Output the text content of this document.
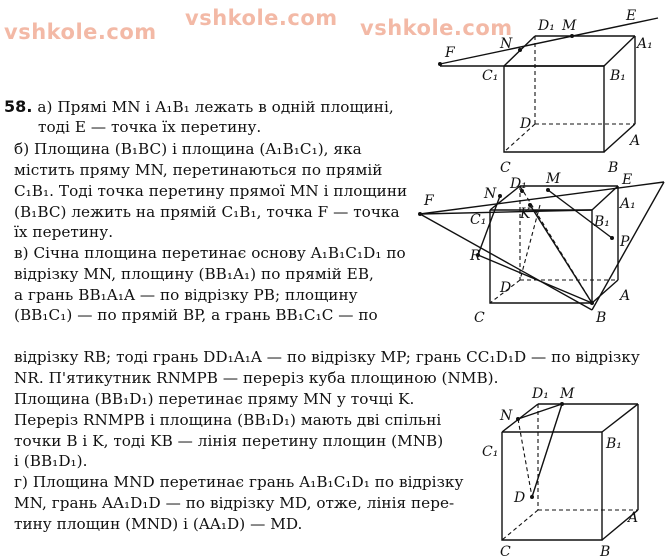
vshkole.com
vshkole.com vshkole.com
58. а) Прямі MN і A₁B₁ лежать в одній площині,
тоді E — точка їх перетину.
б) Площина (B₁BC) і площина (A₁B₁C₁), яка
містить пряму MN, перетинаються по прямій
C₁B₁. Тоді точка перетину прямої MN і площини
(B₁BC) лежить на прямій C₁B₁, точка F — точка
їх перетину.
в) Січна площина перетинає основу A₁B₁C₁D₁ по
відрізку MN, площину (BB₁A₁) по прямій EB,
а грань BB₁A₁A — по відрізку PB; площину
(BB₁C₁) — по прямій BP, а грань BB₁C₁C — по
відрізку RB; тоді грань DD₁A₁A — по відрізку MP; грань CC₁D₁D — по відрізку
NR. П'ятикутник RNMPB — переріз куба площиною (NMB).
Площина (BB₁D₁) перетинає пряму MN у точці K.
Переріз RNMPB і площина (BB₁D₁) мають дві спільні
точки B і K, тоді KB — лінія перетину площин (MNB)
і (BB₁D₁).
г) Площина MND перетинає грань A₁B₁C₁D₁ по відрізку
MN, грань AA₁D₁D — по відрізку MD, отже, лінія пере-
тину площин (MND) і (AA₁D) — MD.
E
D₁ M
N	A₁
F
C₁	B₁
D
C	B
A
N
D₁ M	E
F
C₁ K
A₁
B₁
P
R
D
C	B
A
D₁ M
N
C₁	B₁
D
C
A
B
